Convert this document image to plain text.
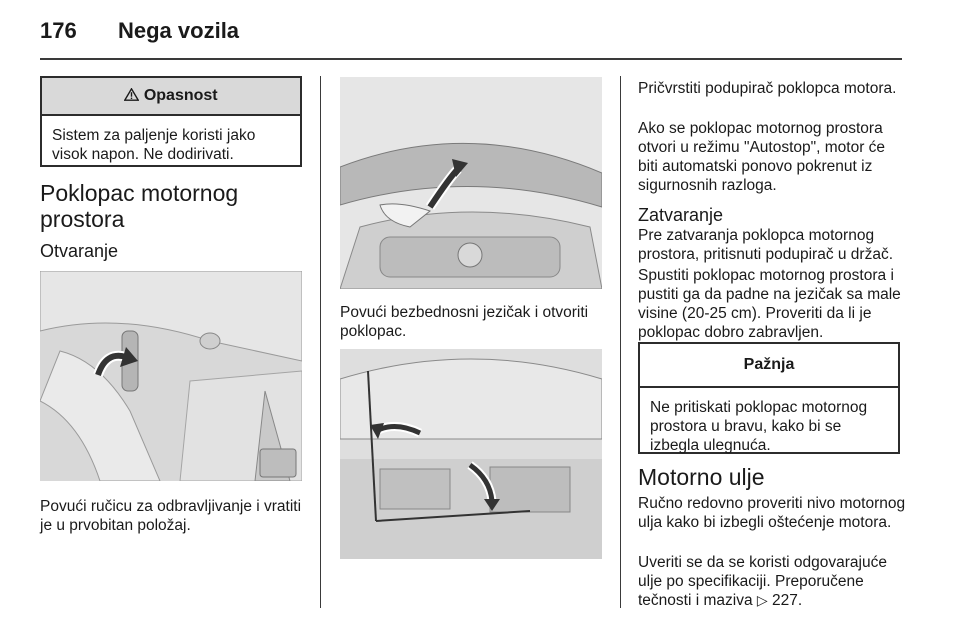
176 Nega vozila
Opasnost
Sistem za paljenje koristi jako visok napon. Ne dodirivati.
Poklopac motornog prostora
Otvaranje
Povući ručicu za odbravljivanje i vratiti je u prvobitan položaj.
Povući bezbednosni jezičak i otvoriti poklopac.
Pričvrstiti podupirač poklopca motora.
Ako se poklopac motornog prostora otvori u režimu "Autostop", motor će biti automatski ponovo pokrenut iz sigurnosnih razloga.
Zatvaranje
Pre zatvaranja poklopca motornog prostora, pritisnuti podupirač u držač.
Spustiti poklopac motornog prostora i pustiti ga da padne na jezičak sa male visine (20-25 cm). Proveriti da li je poklopac dobro zabravljen.
Pažnja
Ne pritiskati poklopac motornog prostora u bravu, kako bi se izbegla ulegnuća.
Motorno ulje
Ručno redovno proveriti nivo motornog ulja kako bi izbegli oštećenje motora.
Uveriti se da se koristi odgovarajuće ulje po specifikaciji. Preporučene tečnosti i maziva ▷ 227.
